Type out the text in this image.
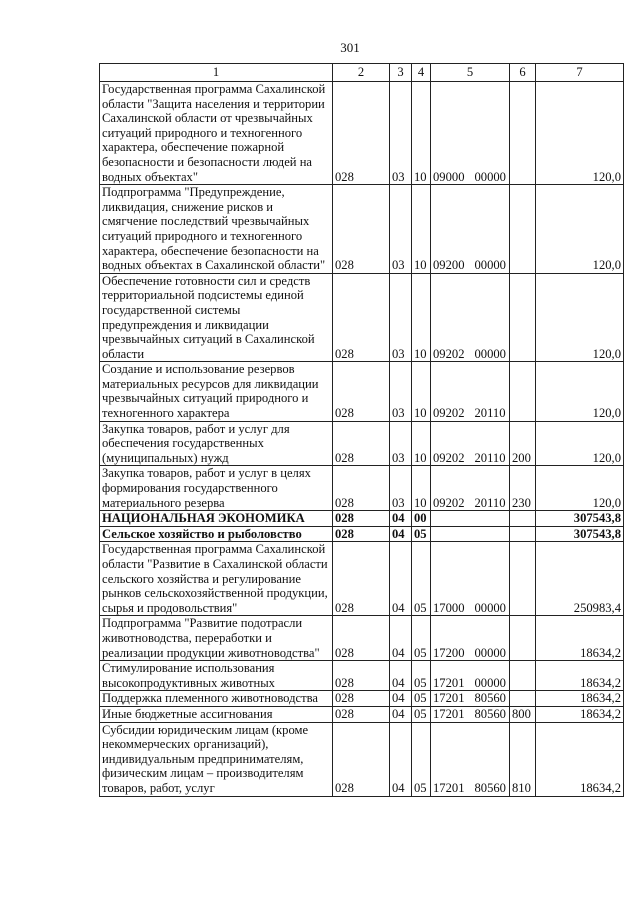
301
1	2	3	4	5	6	7
Государственная программа Сахалинской области "Защита населения и территории Сахалинской области от чрезвычайных ситуаций природного и техногенного характера, обеспечение пожарной безопасности и безопасности людей на водных объектах"	028	03	10	09000 00000		120,0
Подпрограмма "Предупреждение, ликвидация, снижение рисков и смягчение последствий чрезвычайных ситуаций природного и техногенного характера, обеспечение безопасности на водных объектах в Сахалинской области"	028	03	10	09200 00000		120,0
Обеспечение готовности сил и средств территориальной подсистемы единой государственной системы предупреждения и ликвидации чрезвычайных ситуаций в Сахалинской области	028	03	10	09202 00000		120,0
Создание и использование резервов материальных ресурсов для ликвидации чрезвычайных ситуаций природного и техногенного характера	028	03	10	09202 20110		120,0
Закупка товаров, работ и услуг для обеспечения государственных (муниципальных) нужд	028	03	10	09202 20110	200	120,0
Закупка товаров, работ и услуг в целях формирования государственного материального резерва	028	03	10	09202 20110	230	120,0
НАЦИОНАЛЬНАЯ ЭКОНОМИКА	028	04	00			307543,8
Сельское хозяйство и рыболовство	028	04	05			307543,8
Государственная программа Сахалинской области "Развитие в Сахалинской области сельского хозяйства и регулирование рынков сельскохозяйственной продукции, сырья и продовольствия"	028	04	05	17000 00000		250983,4
Подпрограмма "Развитие подотрасли животноводства, переработки и реализации продукции животноводства"	028	04	05	17200 00000		18634,2
Стимулирование использования высокопродуктивных животных	028	04	05	17201 00000		18634,2
Поддержка племенного животноводства	028	04	05	17201 80560		18634,2
Иные бюджетные ассигнования	028	04	05	17201 80560	800	18634,2
Субсидии юридическим лицам (кроме некоммерческих организаций), индивидуальным предпринимателям, физическим лицам – производителям товаров, работ, услуг	028	04	05	17201 80560	810	18634,2
